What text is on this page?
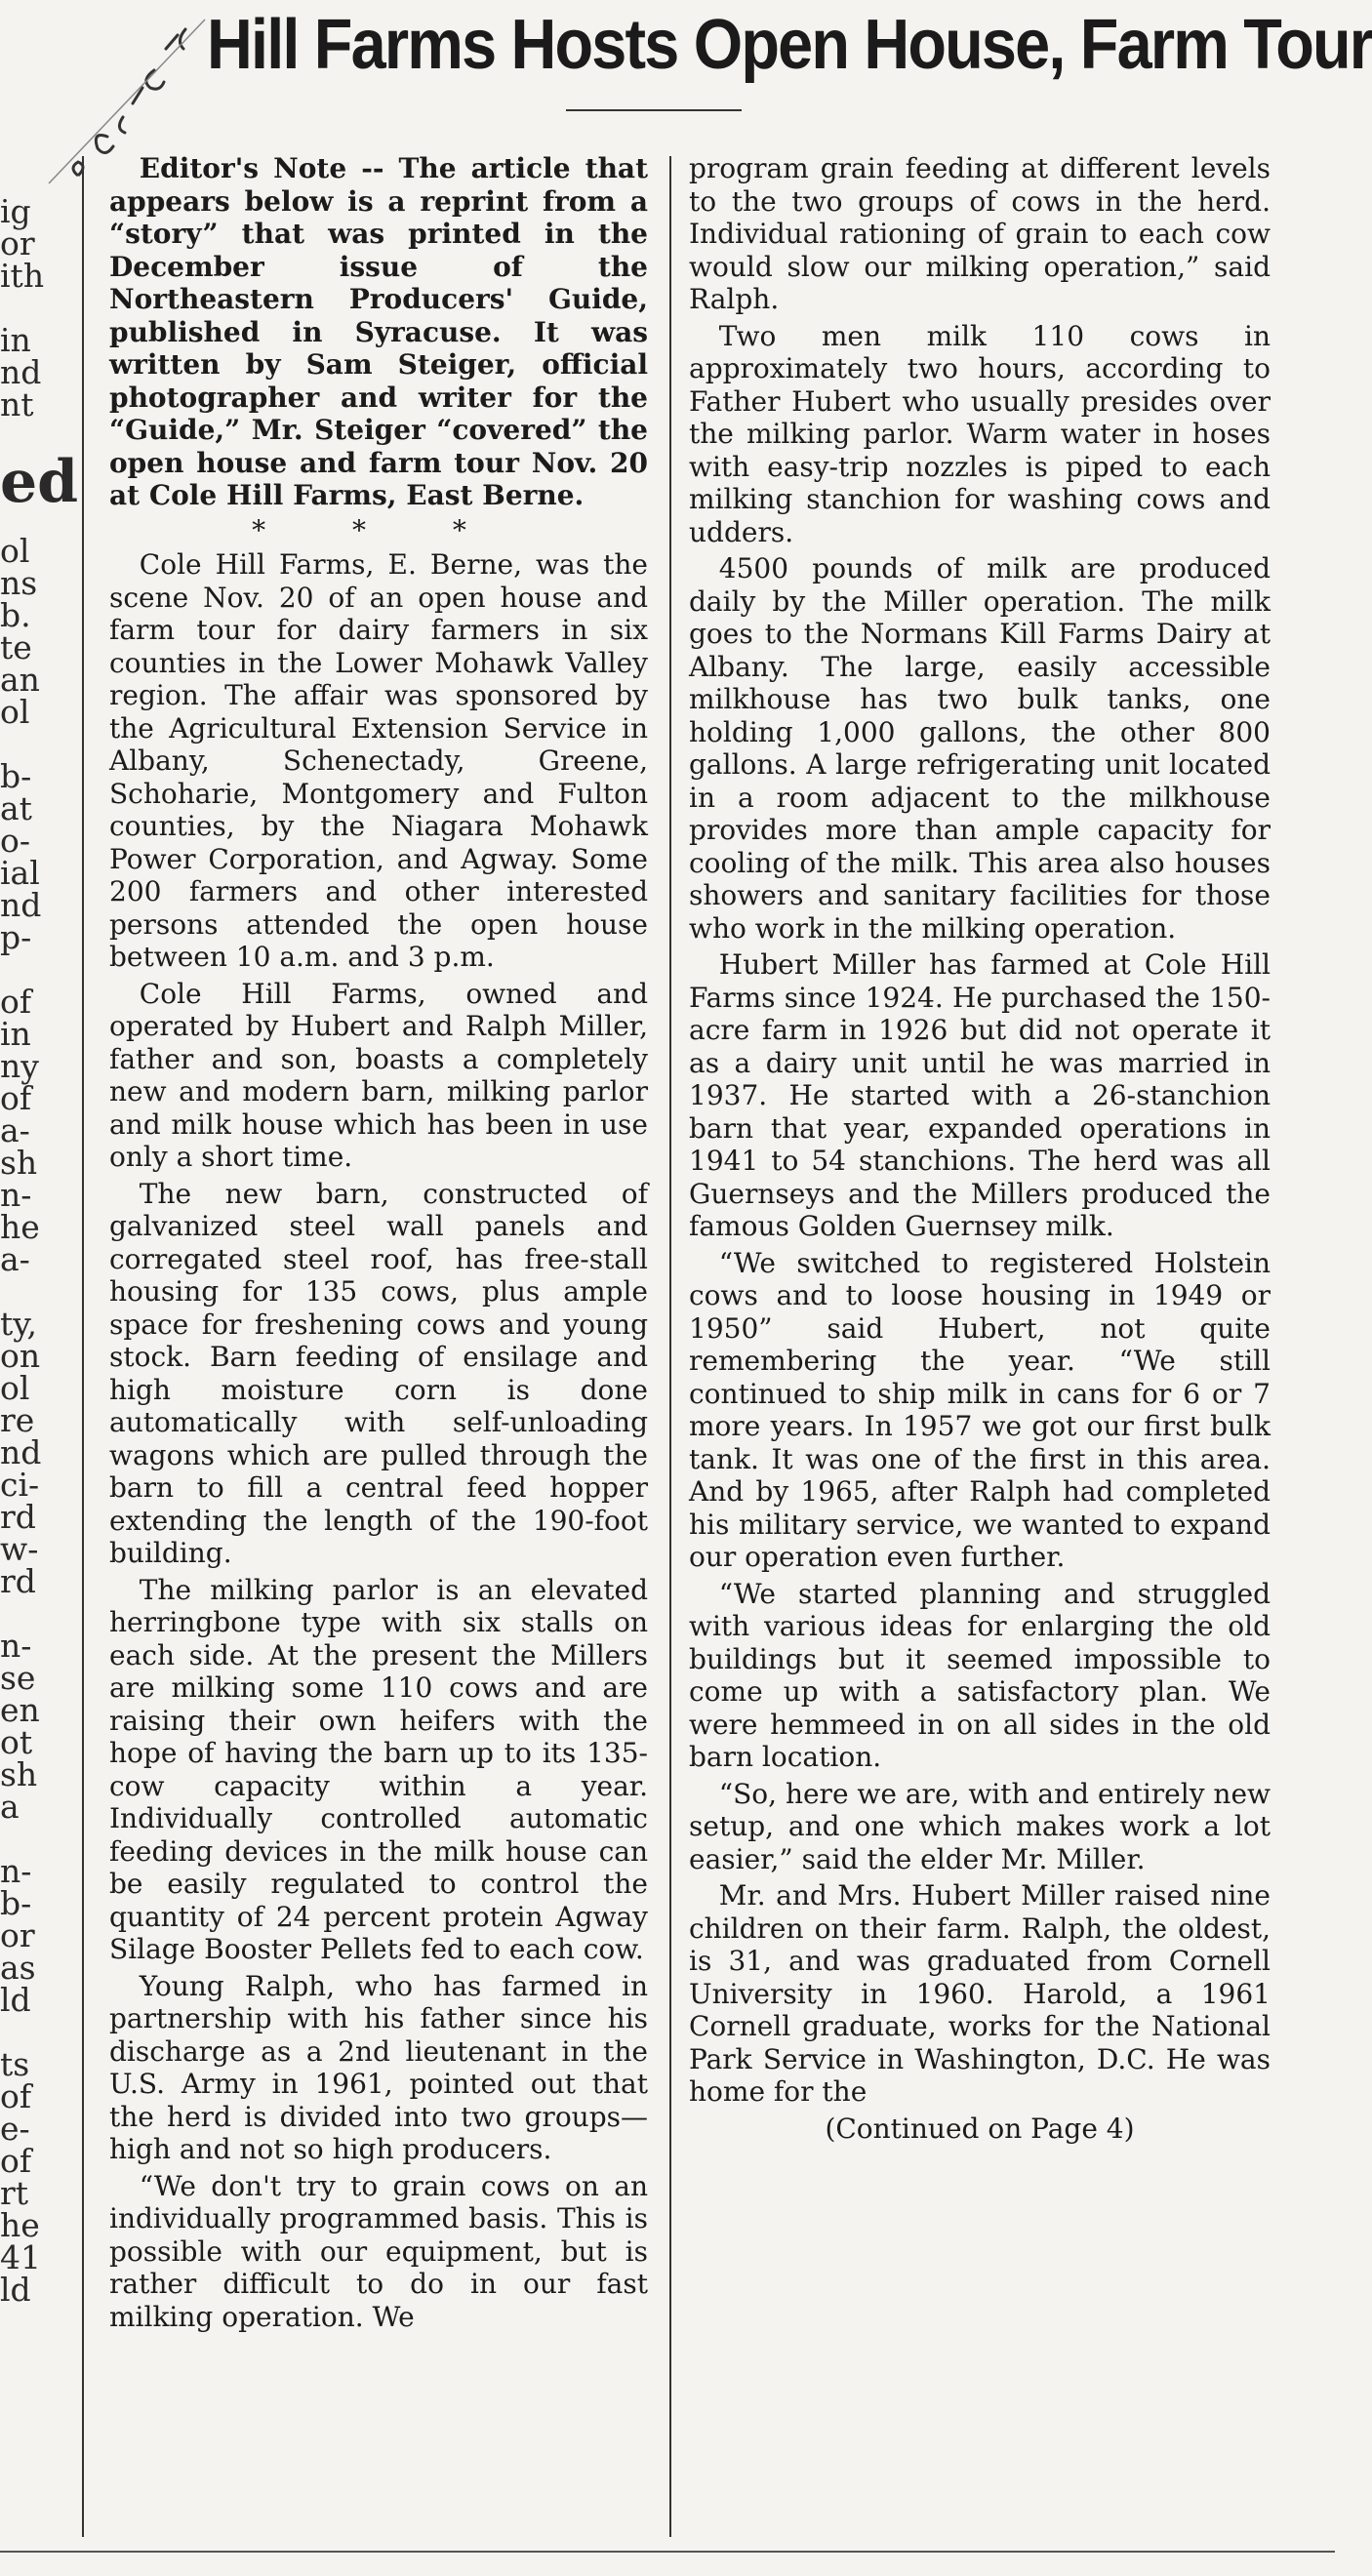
Hill Farms Hosts Open House, Farm Tour
ig
or
ith
in
nd
nt
ed
ol
ns
b.
te
an
ol
b-
at
o-
ial
nd
p-
of
in
ny
of
a-
sh
n-
he
a-
ty,
on
ol
re
nd
ci-
rd
w-
rd
n-
se
en
ot
sh
a
n-
b-
or
as
ld
ts
of
e-
of
rt
he
41
ld

Editor's Note -- The article that appears below is a reprint from a “story” that was printed in the December issue of the Northeastern Producers' Guide, published in Syracuse. It was written by Sam Steiger, official photographer and writer for the “Guide,” Mr. Steiger “covered” the open house and farm tour Nov. 20 at Cole Hill Farms, East Berne.

* * *

Cole Hill Farms, E. Berne, was the scene Nov. 20 of an open house and farm tour for dairy farmers in six counties in the Lower Mohawk Valley region. The affair was sponsored by the Agricultural Extension Service in Albany, Schenectady, Greene, Schoharie, Montgomery and Fulton counties, by the Niagara Mohawk Power Corporation, and Agway. Some 200 farmers and other interested persons attended the open house between 10 a.m. and 3 p.m.

Cole Hill Farms, owned and operated by Hubert and Ralph Miller, father and son, boasts a completely new and modern barn, milking parlor and milk house which has been in use only a short time.

The new barn, constructed of galvanized steel wall panels and corregated steel roof, has free-stall housing for 135 cows, plus ample space for freshening cows and young stock. Barn feeding of ensilage and high moisture corn is done automatically with self-unloading wagons which are pulled through the barn to fill a central feed hopper extending the length of the 190-foot building.

The milking parlor is an elevated herringbone type with six stalls on each side. At the present the Millers are milking some 110 cows and are raising their own heifers with the hope of having the barn up to its 135-cow capacity within a year. Individually controlled automatic feeding devices in the milk house can be easily regulated to control the quantity of 24 percent protein Agway Silage Booster Pellets fed to each cow.

Young Ralph, who has farmed in partnership with his father since his discharge as a 2nd lieutenant in the U.S. Army in 1961, pointed out that the herd is divided into two groups—high and not so high producers.

“We don't try to grain cows on an individually programmed basis. This is possible with our equipment, but is rather difficult to do in our fast milking operation. We

program grain feeding at different levels to the two groups of cows in the herd. Individual rationing of grain to each cow would slow our milking operation,” said Ralph.

Two men milk 110 cows in approximately two hours, according to Father Hubert who usually presides over the milking parlor. Warm water in hoses with easy-trip nozzles is piped to each milking stanchion for washing cows and udders.

4500 pounds of milk are produced daily by the Miller operation. The milk goes to the Normans Kill Farms Dairy at Albany. The large, easily accessible milkhouse has two bulk tanks, one holding 1,000 gallons, the other 800 gallons. A large refrigerating unit located in a room adjacent to the milkhouse provides more than ample capacity for cooling of the milk. This area also houses showers and sanitary facilities for those who work in the milking operation.

Hubert Miller has farmed at Cole Hill Farms since 1924. He purchased the 150-acre farm in 1926 but did not operate it as a dairy unit until he was married in 1937. He started with a 26-stanchion barn that year, expanded operations in 1941 to 54 stanchions. The herd was all Guernseys and the Millers produced the famous Golden Guernsey milk.

“We switched to registered Holstein cows and to loose housing in 1949 or 1950” said Hubert, not quite remembering the year. “We still continued to ship milk in cans for 6 or 7 more years. In 1957 we got our first bulk tank. It was one of the first in this area. And by 1965, after Ralph had completed his military service, we wanted to expand our operation even further.

“We started planning and struggled with various ideas for enlarging the old buildings but it seemed impossible to come up with a satisfactory plan. We were hemmeed in on all sides in the old barn location.

“So, here we are, with and entirely new setup, and one which makes work a lot easier,” said the elder Mr. Miller.

Mr. and Mrs. Hubert Miller raised nine children on their farm. Ralph, the oldest, is 31, and was graduated from Cornell University in 1960. Harold, a 1961 Cornell graduate, works for the National Park Service in Washington, D.C. He was home for the

(Continued on Page 4)
